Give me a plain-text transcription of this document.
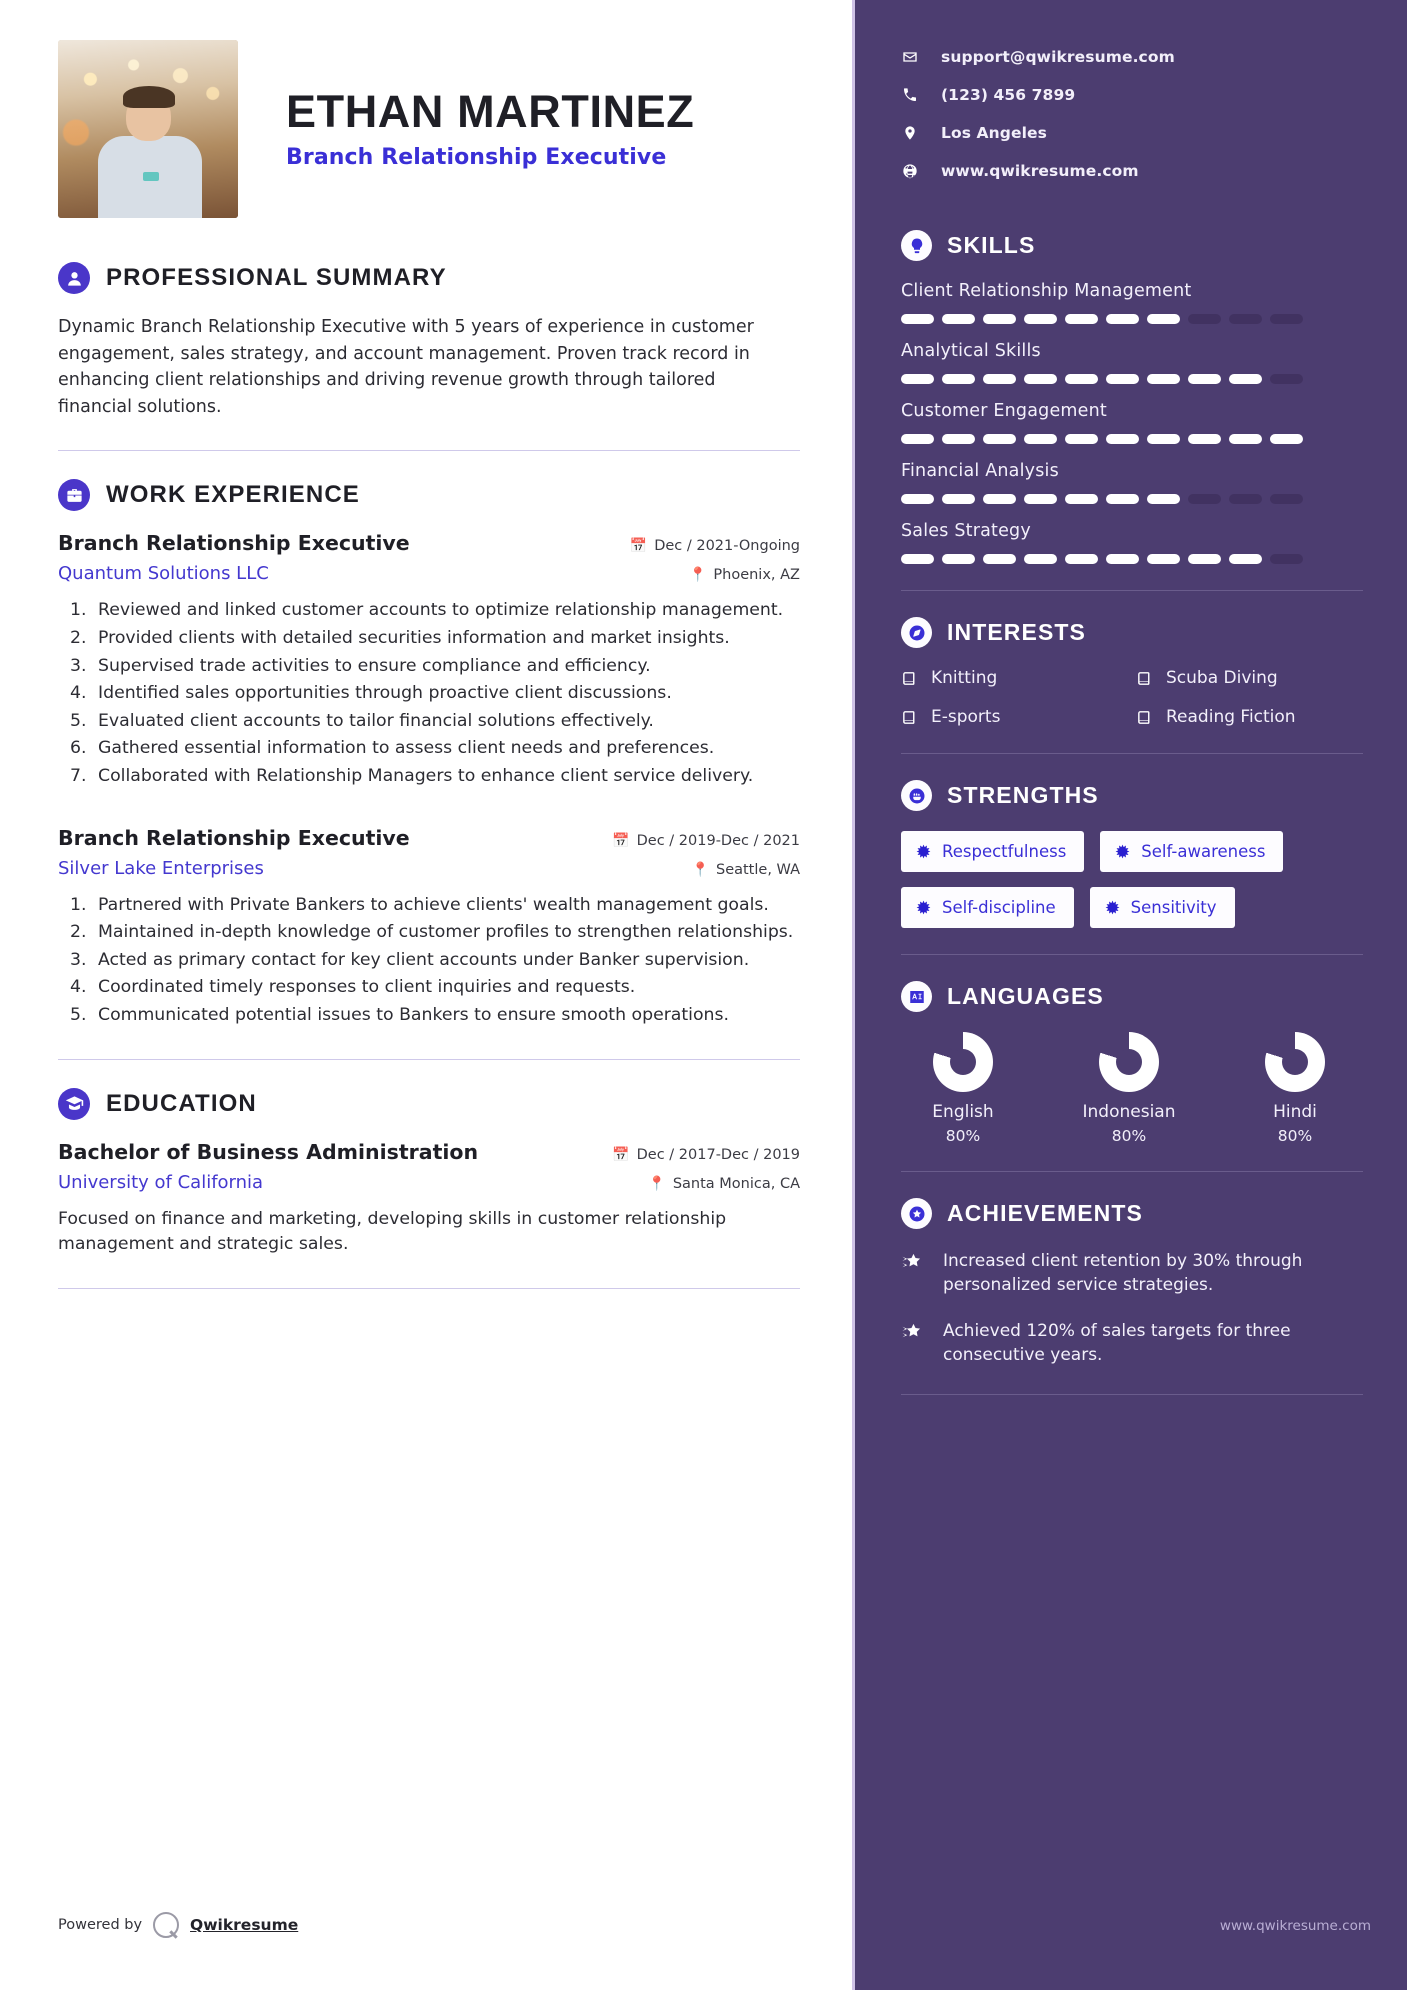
ETHAN MARTINEZ
Branch Relationship Executive
PROFESSIONAL SUMMARY
Dynamic Branch Relationship Executive with 5 years of experience in customer engagement, sales strategy, and account management. Proven track record in enhancing client relationships and driving revenue growth through tailored financial solutions.
WORK EXPERIENCE
Branch Relationship Executive	📅 Dec / 2021-Ongoing
Quantum Solutions LLC	📍 Phoenix, AZ
1. Reviewed and linked customer accounts to optimize relationship management.
2. Provided clients with detailed securities information and market insights.
3. Supervised trade activities to ensure compliance and efficiency.
4. Identified sales opportunities through proactive client discussions.
5. Evaluated client accounts to tailor financial solutions effectively.
6. Gathered essential information to assess client needs and preferences.
7. Collaborated with Relationship Managers to enhance client service delivery.
Branch Relationship Executive	📅 Dec / 2019-Dec / 2021
Silver Lake Enterprises	📍 Seattle, WA
1. Partnered with Private Bankers to achieve clients' wealth management goals.
2. Maintained in-depth knowledge of customer profiles to strengthen relationships.
3. Acted as primary contact for key client accounts under Banker supervision.
4. Coordinated timely responses to client inquiries and requests.
5. Communicated potential issues to Bankers to ensure smooth operations.
EDUCATION
Bachelor of Business Administration	📅 Dec / 2017-Dec / 2019
University of California	📍 Santa Monica, CA
Focused on finance and marketing, developing skills in customer relationship management and strategic sales.
Powered by	Qwikresume
support@qwikresume.com
(123) 456 7899
Los Angeles
www.qwikresume.com
SKILLS
Client Relationship Management
Analytical Skills
Customer Engagement
Financial Analysis
Sales Strategy
INTERESTS
Knitting	Scuba Diving
E-sports	Reading Fiction
STRENGTHS
Respectfulness	Self-awareness
Self-discipline	Sensitivity
LANGUAGES
English
80%
Indonesian
80%
Hindi
80%
ACHIEVEMENTS
Increased client retention by 30% through personalized service strategies.
Achieved 120% of sales targets for three consecutive years.
www.qwikresume.com
